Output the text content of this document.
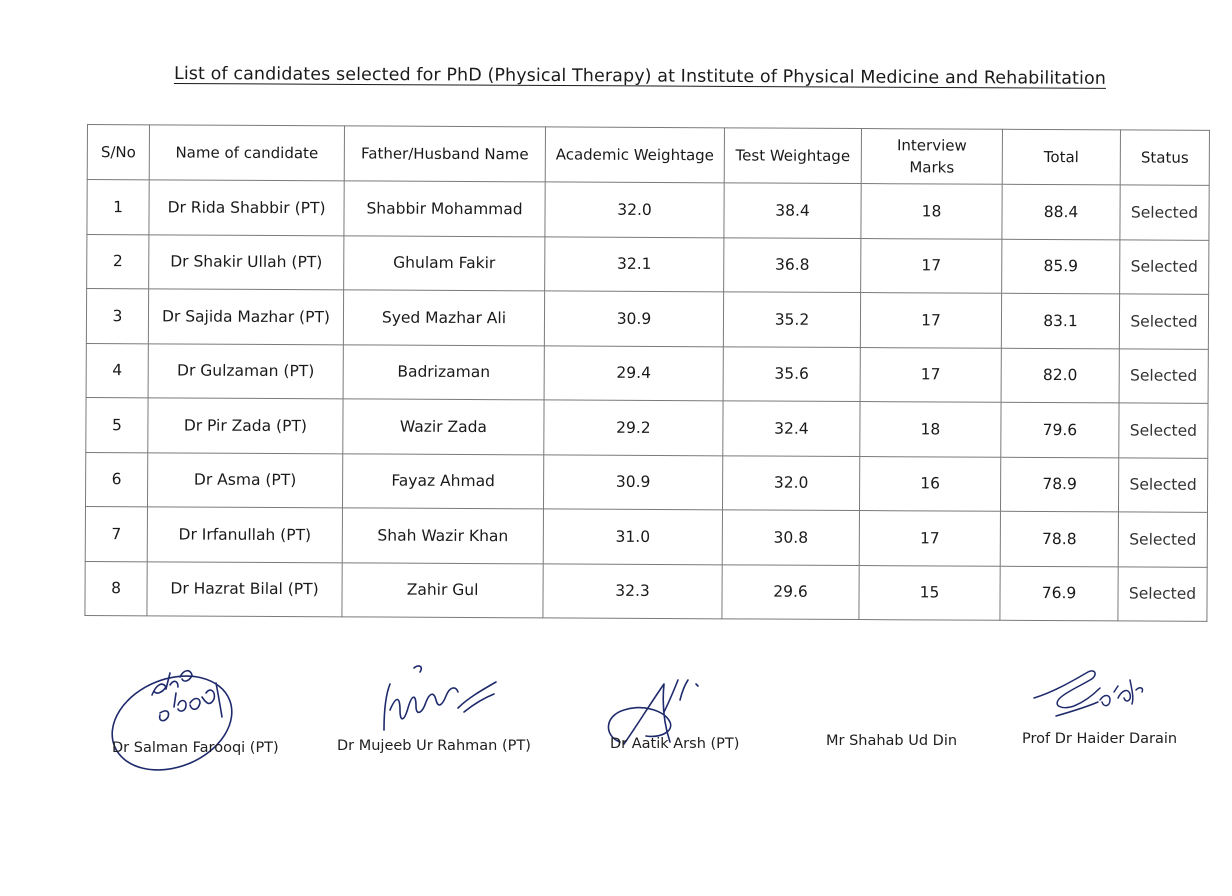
List of candidates selected for PhD (Physical Therapy) at Institute of Physical Medicine and Rehabilitation
S/No	Name of candidate	Father/Husband Name	Academic Weightage	Test Weightage	Interview
Marks	Total	Status
1	Dr Rida Shabbir (PT)	Shabbir Mohammad	32.0	38.4	18	88.4	Selected
2	Dr Shakir Ullah (PT)	Ghulam Fakir	32.1	36.8	17	85.9	Selected
3	Dr Sajida Mazhar (PT)	Syed Mazhar Ali	30.9	35.2	17	83.1	Selected
4	Dr Gulzaman (PT)	Badrizaman	29.4	35.6	17	82.0	Selected
5	Dr Pir Zada (PT)	Wazir Zada	29.2	32.4	18	79.6	Selected
6	Dr Asma (PT)	Fayaz Ahmad	30.9	32.0	16	78.9	Selected
7	Dr Irfanullah (PT)	Shah Wazir Khan	31.0	30.8	17	78.8	Selected
8	Dr Hazrat Bilal (PT)	Zahir Gul	32.3	29.6	15	76.9	Selected
Dr Salman Farooqi (PT)	Dr Mujeeb Ur Rahman (PT)	Dr Aatik Arsh (PT)	Mr Shahab Ud Din	Prof Dr Haider Darain
